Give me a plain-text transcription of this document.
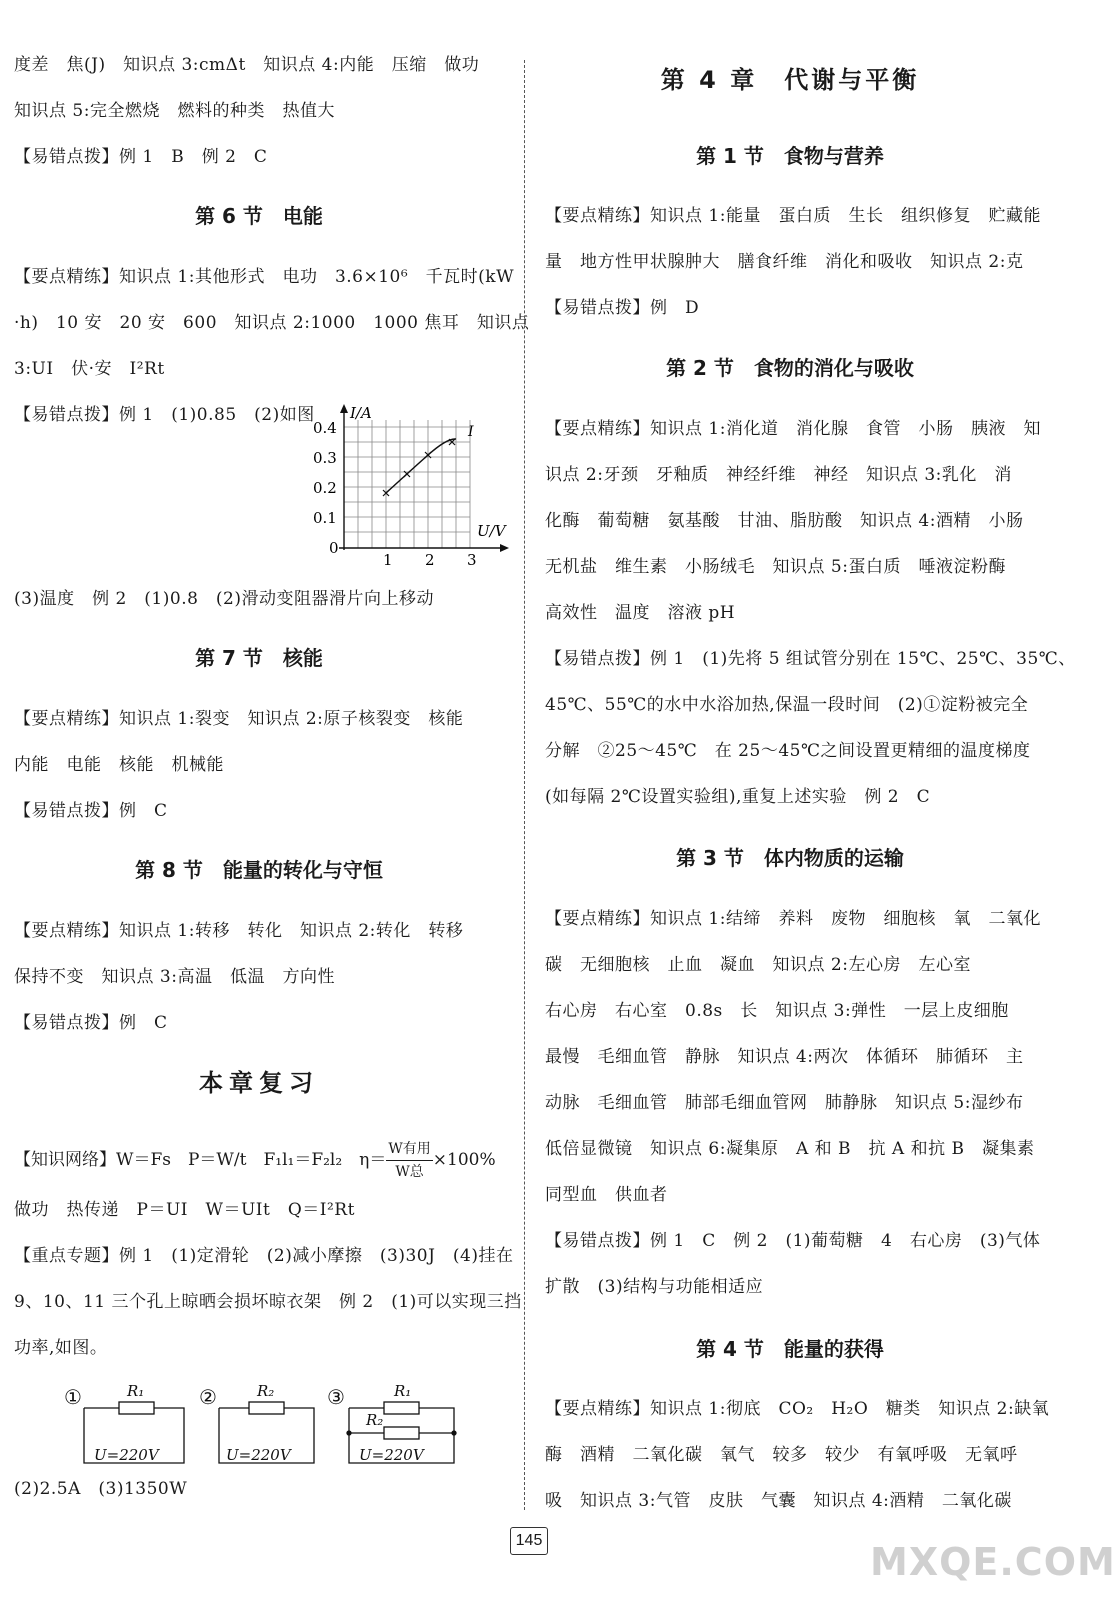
度差　焦(J)　知识点 3:cmΔt　知识点 4:内能　压缩　做功
知识点 5:完全燃烧　燃料的种类　热值大
【易错点拨】例 1　B　例 2　C
第 6 节　电能
【要点精练】知识点 1:其他形式　电功　3.6×10⁶　千瓦时(kW
·h)　10 安　20 安　600　知识点 2:1000　1000 焦耳　知识点
3:UI　伏·安　I²Rt
【易错点拨】例 1　(1)0.85　(2)如图 I/A
U/V
0.4
0.3
0.2
0.1
0
1 2 3
I
(3)温度　例 2　(1)0.8　(2)滑动变阻器滑片向上移动
第 7 节　核能
【要点精练】知识点 1:裂变　知识点 2:原子核裂变　核能
内能　电能　核能　机械能
【易错点拨】例　C
第 8 节　能量的转化与守恒
【要点精练】知识点 1:转移　转化　知识点 2:转化　转移
保持不变　知识点 3:高温　低温　方向性
【易错点拨】例　C
本章复习
【知识网络】W＝Fs　P＝W/t　F₁l₁＝F₂l₂　$\eta= \frac{\text{W有用}}{\text{W总}} \times 100\%$
做功　热传递　P＝UI　W＝UIt　Q＝I²Rt
【重点专题】例 1　(1)定滑轮　(2)减小摩擦　(3)30J　(4)挂在
9、10、11 三个孔上晾晒会损坏晾衣架　例 2　(1)可以实现三挡
功率,如图。
①	R₁
U=220V
②	R₂
U=220V
③	R₁
R₂
U=220V
(2)2.5A　(3)1350W
第 4 章　代谢与平衡
第 1 节　食物与营养
【要点精练】知识点 1:能量　蛋白质　生长　组织修复　贮藏能
量　地方性甲状腺肿大　膳食纤维　消化和吸收　知识点 2:克
【易错点拨】例　D
第 2 节　食物的消化与吸收
【要点精练】知识点 1:消化道　消化腺　食管　小肠　胰液　知
识点 2:牙颈　牙釉质　神经纤维　神经　知识点 3:乳化　消
化酶　葡萄糖　氨基酸　甘油、脂肪酸　知识点 4:酒精　小肠
无机盐　维生素　小肠绒毛　知识点 5:蛋白质　唾液淀粉酶
高效性　温度　溶液 pH
【易错点拨】例 1　(1)先将 5 组试管分别在 15℃、25℃、35℃、
45℃、55℃的水中水浴加热,保温一段时间　(2)①淀粉被完全
分解　②25～45℃　在 25～45℃之间设置更精细的温度梯度
(如每隔 2℃设置实验组),重复上述实验　例 2　C
第 3 节　体内物质的运输
【要点精练】知识点 1:结缔　养料　废物　细胞核　氧　二氧化
碳　无细胞核　止血　凝血　知识点 2:左心房　左心室
右心房　右心室　0.8s　长　知识点 3:弹性　一层上皮细胞
最慢　毛细血管　静脉　知识点 4:两次　体循环　肺循环　主
动脉　毛细血管　肺部毛细血管网　肺静脉　知识点 5:湿纱布
低倍显微镜　知识点 6:凝集原　A 和 B　抗 A 和抗 B　凝集素
同型血　供血者
【易错点拨】例 1　C　例 2　(1)葡萄糖　4　右心房　(3)气体
扩散　(3)结构与功能相适应
第 4 节　能量的获得
【要点精练】知识点 1:彻底　CO₂　H₂O　糖类　知识点 2:缺氧
酶　酒精　二氧化碳　氧气　较多　较少　有氧呼吸　无氧呼
吸　知识点 3:气管　皮肤　气囊　知识点 4:酒精　二氧化碳
145	MXQE.COM
